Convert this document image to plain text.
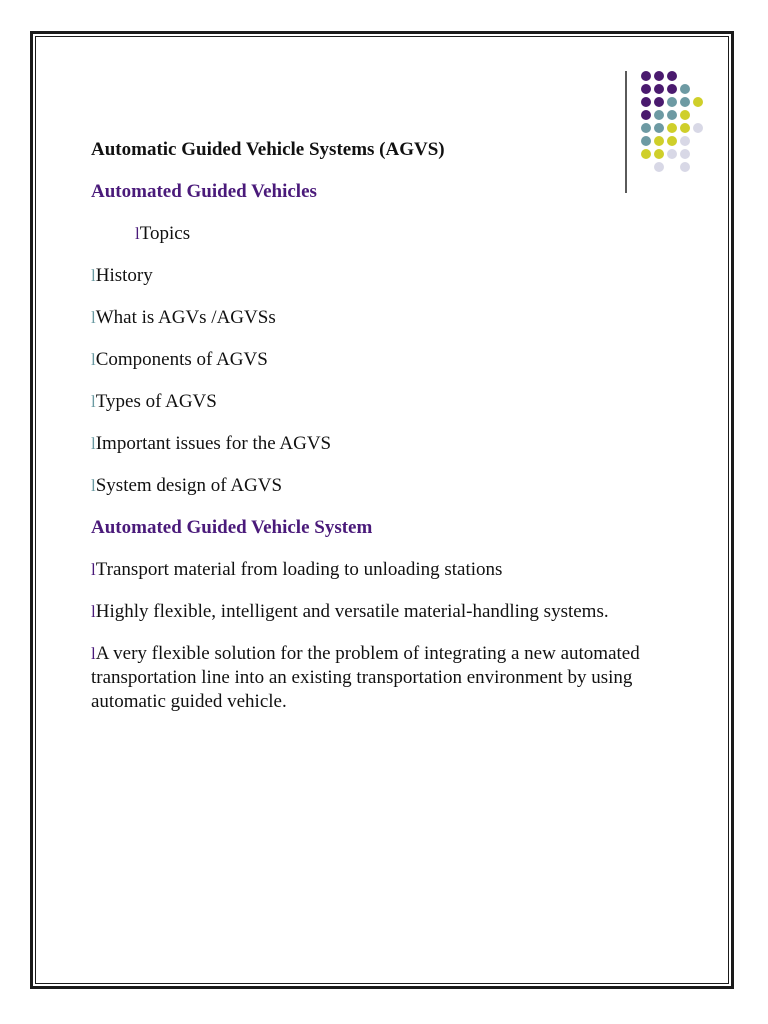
Automatic Guided Vehicle Systems (AGVS)

Automated Guided Vehicles

lTopics

lHistory

lWhat is AGVs /AGVSs

lComponents of AGVS

lTypes of AGVS

lImportant issues for the AGVS

lSystem design of AGVS

Automated Guided Vehicle System

lTransport material from loading to unloading stations

lHighly flexible, intelligent and versatile material-handling systems.

lA very flexible solution for the problem of integrating a new automated transportation line into an existing transportation environment by using automatic guided vehicle.
